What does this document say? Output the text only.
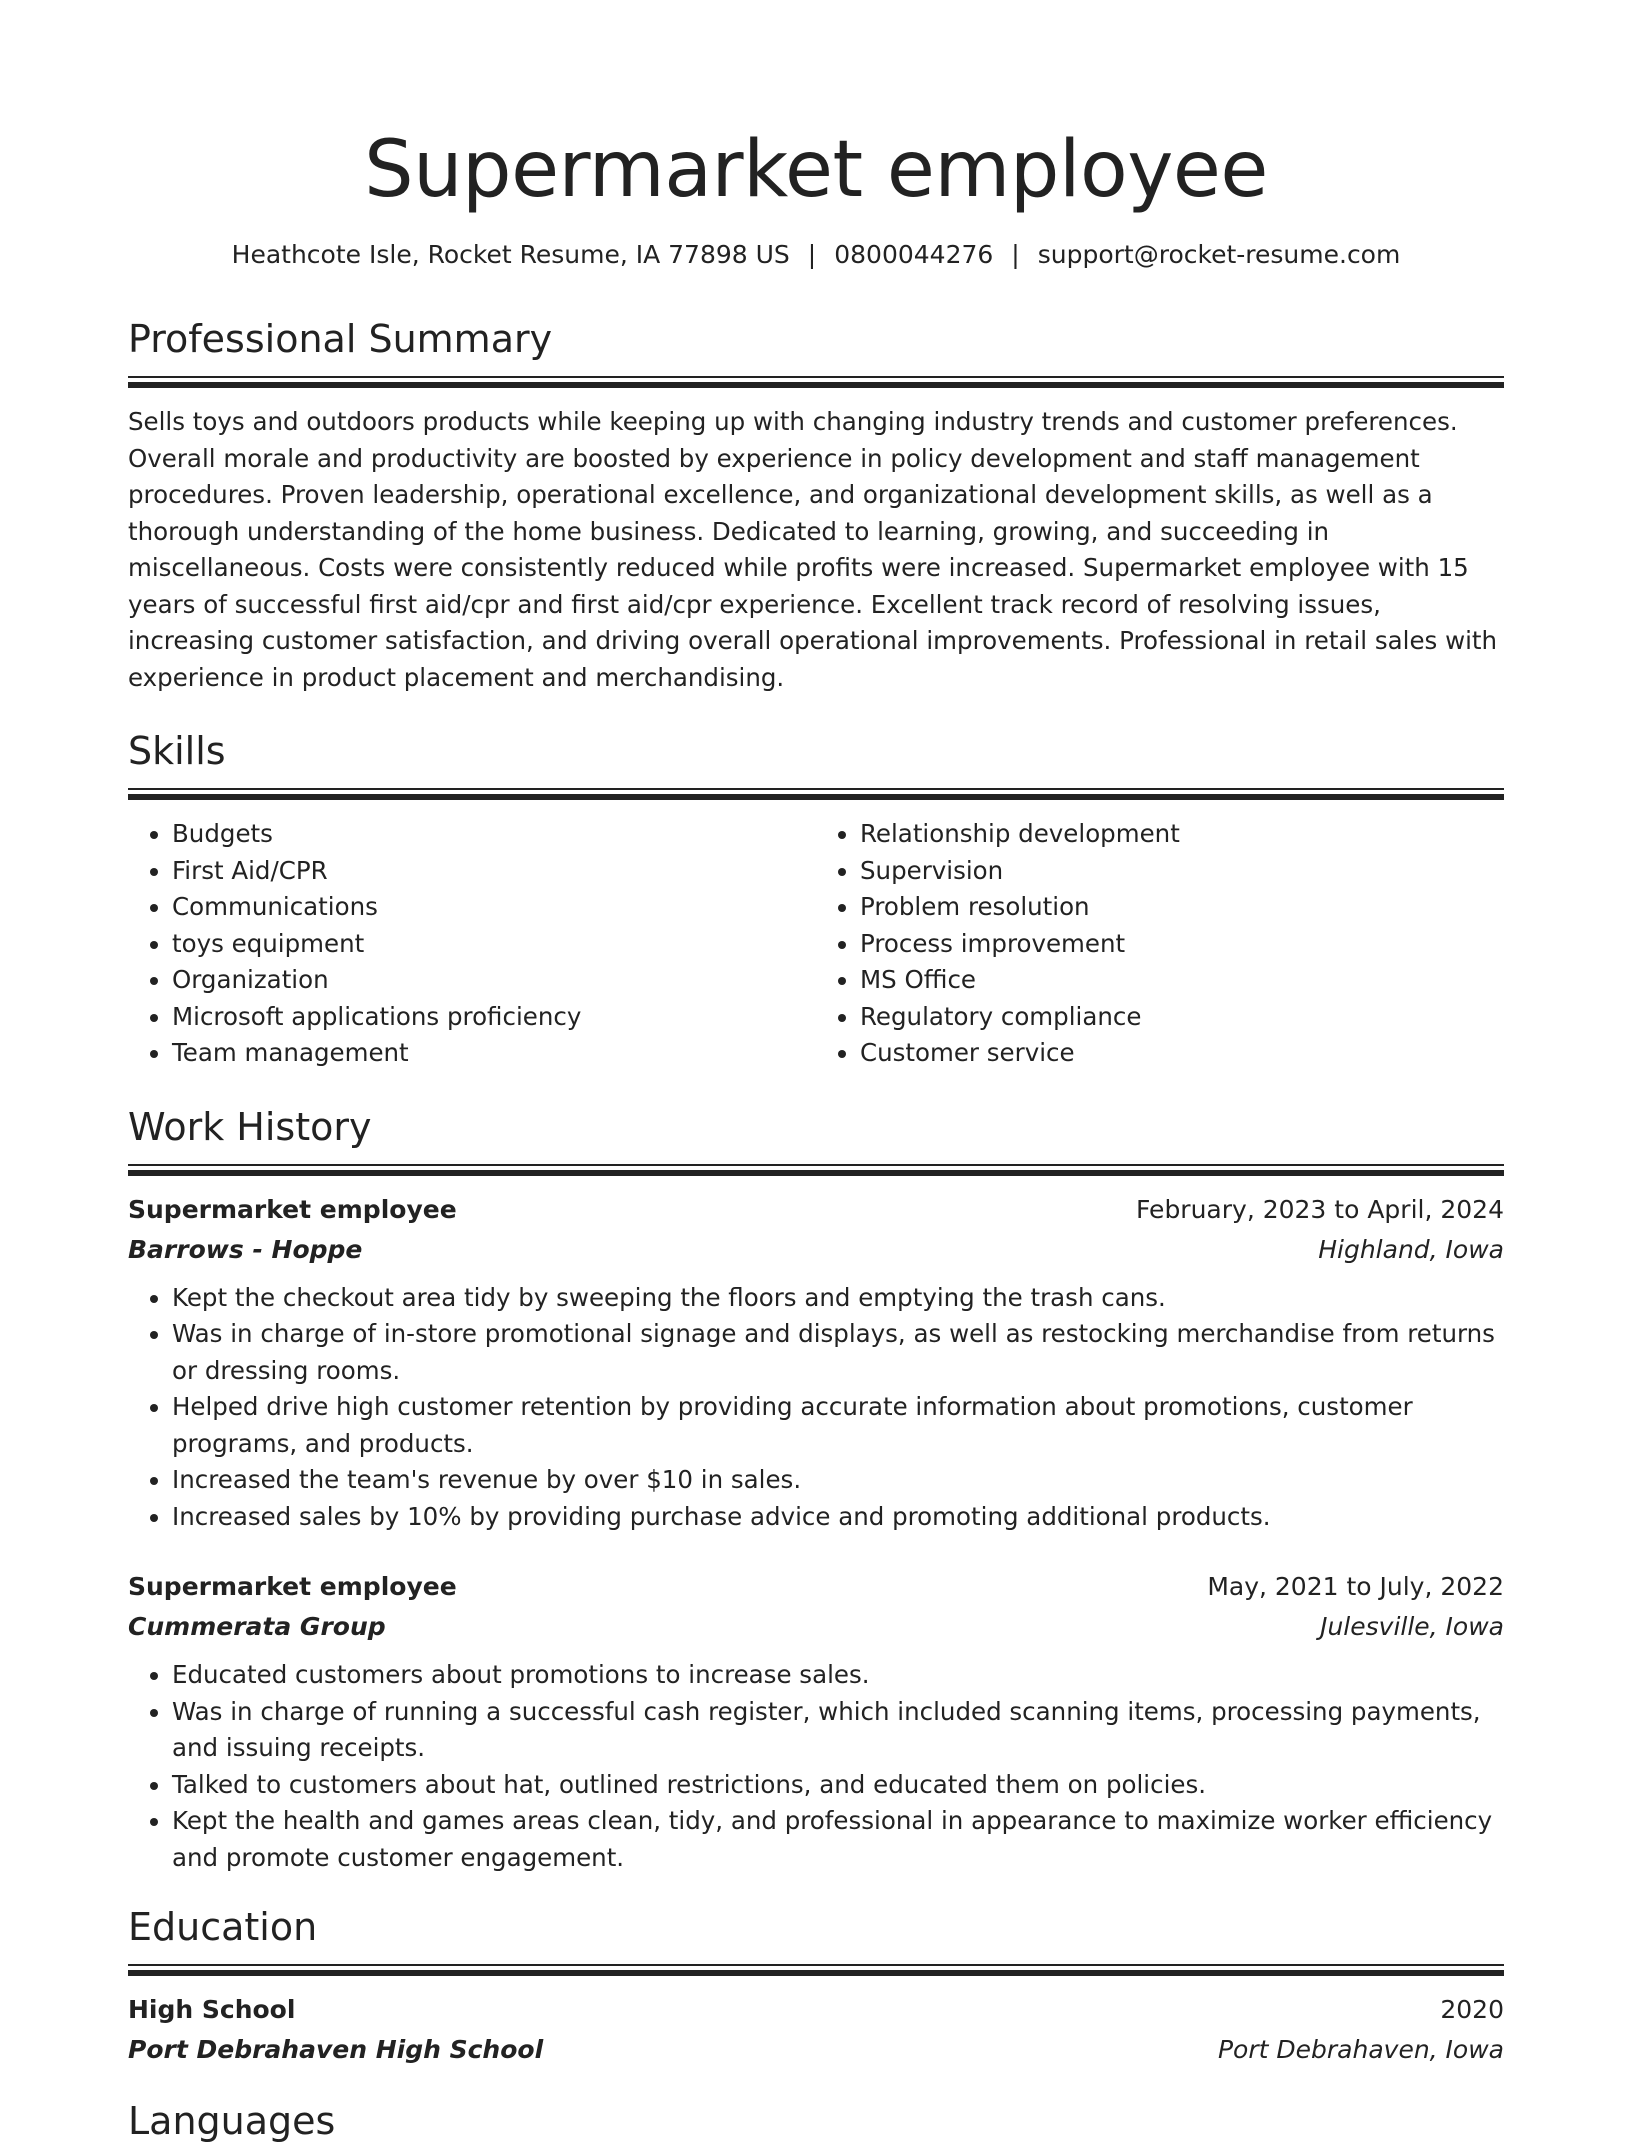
Supermarket employee
Heathcote Isle, Rocket Resume, IA 77898 US | 0800044276 | support@rocket-resume.com
Professional Summary

Sells toys and outdoors products while keeping up with changing industry trends and customer preferences. Overall morale and productivity are boosted by experience in policy development and staff management procedures. Proven leadership, operational excellence, and organizational development skills, as well as a thorough understanding of the home business. Dedicated to learning, growing, and succeeding in miscellaneous. Costs were consistently reduced while profits were increased. Supermarket employee with 15 years of successful first aid/cpr and first aid/cpr experience. Excellent track record of resolving issues, increasing customer satisfaction, and driving overall operational improvements. Professional in retail sales with experience in product placement and merchandising.

Skills
• Budgets
• First Aid/CPR
• Communications
• toys equipment
• Organization
• Microsoft applications proficiency
• Team management
• Relationship development
• Supervision
• Problem resolution
• Process improvement
• MS Office
• Regulatory compliance
• Customer service
Work History
Supermarket employee	February, 2023 to April, 2024
Barrows - Hoppe	Highland, Iowa
• Kept the checkout area tidy by sweeping the floors and emptying the trash cans.
• Was in charge of in-store promotional signage and displays, as well as restocking merchandise from returns or dressing rooms.
• Helped drive high customer retention by providing accurate information about promotions, customer programs, and products.
• Increased the team's revenue by over $10 in sales.
• Increased sales by 10% by providing purchase advice and promoting additional products.
Supermarket employee	May, 2021 to July, 2022
Cummerata Group	Julesville, Iowa
• Educated customers about promotions to increase sales.
• Was in charge of running a successful cash register, which included scanning items, processing payments, and issuing receipts.
• Talked to customers about hat, outlined restrictions, and educated them on policies.
• Kept the health and games areas clean, tidy, and professional in appearance to maximize worker efficiency and promote customer engagement.
Education
High School	2020
Port Debrahaven High School	Port Debrahaven, Iowa
Languages
